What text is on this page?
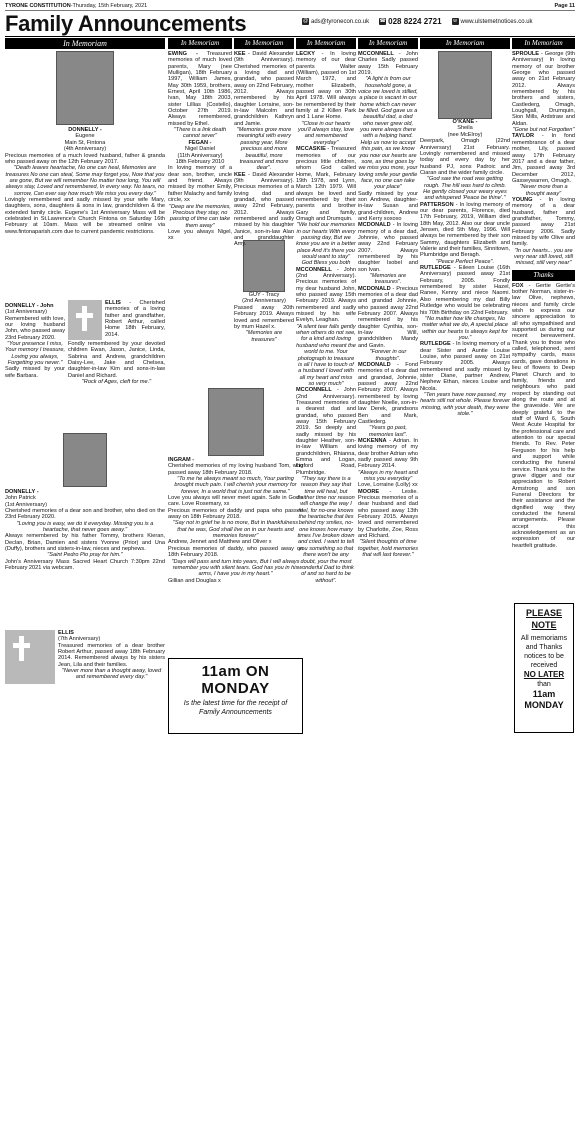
TYRONE CONSTITUTION-Thursday, 15th February, 2021	Page 11
Family Announcements	@ ads@tyronecon.co.uk ☎ 028 8224 2721	w www.ulstemetnotices.co.uk
In Memoriam
DONNELLY -
Eugene
Main St, Fintona
(4th Anniversary)
Precious memories of a much loved husband, father & granda who passed away on the 12th February 2017.
"Death leaves heartache, No one can heal, Memories are treasures No one can steal, Some may forget you, Now that you are gone, But we will remember No matter how long, You will always stay, Loved and remembered, In every way. No tears, no sorrow, Can ever say how much We miss you every day."
Lovingly remembered and sadly missed by your wife Mary, daughters, sons, daughters & sons in law, grandchildren & the extended family circle. Eugene's 1st Anniversary Mass will be celebrated in St.Lawrence's Church Fintona on Saturday 16th February at 10am. Mass will be streamed online via www.fintonaparish.com due to current pandemic restrictions.
DONNELLY - John
(1st Anniversary)
Remembered with love, our loving husband John, who passed away 23rd February 2020.
"Your presence I miss, Your memory I treasure, Loving you always, Forgetting you never."
Sadly missed by your wife Barbara.
ELLIS - Cherished memories of a loving father and grandfather, Robert Arthur, called Home 18th February, 2014.
Fondly remembered by your devoted children Ewan, Jason, Janice, Linda, Sabrina and Andrew, grandchildren Daisy-Lee, Jake and Chelsea, daughter-in-law Kim and sons-in-law Daniel and Richard.
"Rock of Ages, cleft for me."
DONNELLY -
John Patrick
(1st Anniversary)
Cherished memories of a dear son and brother, who died on the 23rd February 2020.
"Loving you is easy, we do it everyday. Missing you is a heartache, that never goes away."
Always remembered by his father Tommy, brothers Kieran, Declan, Brian, Damien and sisters Yvonne (Prior) and Una (Duffy), brothers and sisters-in-law, nieces and nephews.
"Saint Pedro Pio pray for him."
John's Anniversary Mass Sacred Heart Church 7:30pm 22nd February 2021 via webcam.
ELLIS
(7th Anniversary)
Treasured memories of a dear brother Robert Arthur, passed away 18th February 2014. Remembered always by his sisters Jean, Lila and their families.
"Never more than a thought away, loved and remembered every day."
In Memoriam
EWING - Treasured memories of much loved parents, Mary (nee Mulligan), 18th February 1997, William James, May 30th 1959, brothers, Ernest, April 10th 1986, Ivan, May 18th 2003, sister Lillias (Costello), October 27th 2019. Always remembered, missed by Ethel.
"There is a link death cannot sever"
FEGAN -
Nigel Daniel
(11th Anniversary)
18th February 2010
In loving memory of a dear son, brother, uncle and friend. Always missed by mother Emily, father Malachy and family circle, xx
"Deep are the memories, Precious they stay, no passing of time can take them away"
Love you always Nigel, xx
GUY - Tracy
(2nd Anniversary)
Passed away 20th February 2019. Always loved and remembered by mum Hazel x.
"Memories are treasures"
INGRAM -
Cherished memories of my loving husband Tom, who passed away 18th February 2018.
"To me he always meant so much, Your parting brought much pain. I will cherish your memory for forever, In a world that is just not the same."
Love you always will never meet again. Safe in God's care. Love Rosemary, xx
Precious memories of daddy and papa who passed away on 18th February 2018.
"Say not in grief he is no more, But in thankfulness that he was, God shall live on in our hearts and memories forever"
Andrew, Jennet and Matthew and Oliver x
Precious memories of daddy, who passed away on 18th February 2018.
"Days will pass and turn into years, But I will always remember you with silent tears. God has you in his arms, I have you in my heart."
Gillian and Douglas x
11am ON MONDAY
Is the latest time for the receipt of Family Announcements
In Memoriam
KEE - David Alexander (9th Anniversary). Cherished memories of a loving dad and grandad, who passed away on 22nd February, 2012. Always remembered by his daughter Lorraine, son-in-law Malcolm and grandchildren Kathryn and Jamie.
"Memories grow more meaningful with every passing year, More precious and more beautiful, more treasured and more dear".
KEE - David Alexander (9th Anniversary). Precious memories of a loving dad and grandad, who passed away 22nd February, 2012. Always remembered and sadly missed by his daughter Janice, son-in-law Alan and granddaughter Amy.
In Memoriam
LECKY - In loving memory of our dear parents Walter (William), passed on 1st March 1972, and mother Elizabeth, passed away on 30th April 1978. Will always be remembered by their family at 2 Killen Park and 1 Lane Home.
"Close in our hearts you'll always stay, love and remembered everyday"
MCCASKIE - Treasured memories of our precious little children, whom God called Home, Mark, February 19th 1978, and Lynn, March 12th 1979. Will always be loved and remembered by their parents and brother Gary and family, Omagh and Drumquin.
"We hold our memories in our hearts With every passing day, But we know you are in a better place And it's there you would want to stay"
God Bless you both
MCCONNELL - John (2nd Anniversary). Precious memories of my dear husband John, who passed away 15th February 2019. Always remembered and sadly missed by his wife Evelyn, Leaghan.
"A silent tear falls gently when others do not see, for a kind and loving husband who meant the world to me. Your photograph to treasure is all I have to touch of a husband I loved with all my heart and miss so very much"
MCCONNELL - John (2nd Anniversary). Treasured memories of a dearest dad and grandad, who passed away 15th February 2019. So deeply and sadly missed by his daughter Heather, son-in-law William and grandchildren, Rhianna, Emma and Logan, Ligford Road, Plumbridge.
"They say there is a reason they say that time will heal, but neither time nor reason will change the way I feel, for no-one knows the heartache that lies behind my smiles, no-one knows how many times I've broken down and cried. I want to tell you something so that there won't be any doubt, your the most wonderful Dad to think of and so hard to be without".
In Memoriam
MCCONNELL - John Charles Sadly passed away 15th February 2019.
"A light is from our household gone, a voice we loved is stilled, a place is vacant in our home which can never be filled. God gave us a beautiful dad, a dad who never grew old, you were always there with a helping hand. Help us now to accept this pain, as we know you now our hearts are sore, as time goes by we miss you more, your loving smile your gentle face, no one can take your place"
Sadly missed by your son Andrew, daughter-in-law Susan and grand-children, Andrew and Kerry xoxoxo
MCDONALD - In loving memory of a dear dad, Johnnie, who passed away 22nd February 2007. Always remembered by his daughter Isobel and son Ivan.
"Memories are treasures".
MCDONALD - Precious memories of a dear dad and grandad Johnnie, who passed away 22nd February 2007. Always remembered by his daughter Cynthia, son-in-law Will, grandchildren Mandy and Gavin.
"Forever in our thoughts".
MCDONALD - Fond memories of a dear dad and grandad, Johnnie, passed away 22nd February 2007. Always remembered by loving daughter Noelle, son-in-law Derek, grandsons Ben and Mark, Castlederg.
"Years go past, memories last".
MCKENNA - Adrian. In loving memory of my dear brother Adrian who sadly passed away 9th February 2014.
"Always in my heart and miss you everyday"
Love, Lorraine (Lolly) xx
MOORE - Leslie. Precious memories of a dear husband and dad who passed away 13th February 2015. Always loved and remembered by Charlotte, Zoe, Ross and Richard.
"Silent thoughts of time together, hold memories that will last forever."
In Memoriam
O'KANE -
Sheila
(nee McElroy)
Deerpark, Omagh (22nd Anniversary) 21st February. Lovingly remembered and missed today and every day by her husband PJ, sons Padroic and Ciaran and the wider family circle.
"God saw the road was getting rough. The hill was hard to climb. He gently closed your weary eyes and whispered 'Peace be thine'."
PATTERSON - In loving memory of our dear parents, Florence, died 17th February, 2019, William died 18th May, 2012. Also our dear uncle Jensen, died 5th May, 1996. Will always be remembered by their son Sammy, daughters Elizabeth and Valerie and their families, Sinnitown, Plumbridge and Beragh.
"Peace Perfect Peace".
RUTLEDGE - Eileen Louise (16th Anniversary) passed away 21st February, 2005. Fondly remembered by sister Hazel, Ranee, Kenny and niece Naomi. Also remembering my dad Billy Rutledge who would be celebrating his 70th Birthday on 22nd February.
"No matter how life changes, No matter what we do, A special place within our hearts Is always kept for you."
RUTLEDGE - In loving memory of a dear Sister and Auntie Louise Louise, who passed away on 21st February 2005. Always remembered and sadly missed by sister Diane, partner Andrew, Nephew Ethan, nieces Louise and Nicola.
"Ten years have now passed, my hearts still not whole. Please forever missing, with your death, they were stole."
In Memoriam
SPROULE - George (9th Anniversary) In loving memory of our brother George who passed away on 21st February 2012. Always remembered by his brothers and sisters, Castlederg, Omagh, Loughgall, Drumquin, Sion Mills, Ardstraw and Aldan.
"Gone but not Forgotten"
TAYLOR - In fond remembrance of a dear mother, Lily, passed away 17th February 2017 and a dear father, Jim, passed away 3rd December 2012, Gasseywarren, Omagh.
"Never more than a thought away"
YOUNG - In loving memory of a dear husband, father and grandfather, Tommy, passed away 21st February 2006. Sadly missed by wife Olive and family.
"In our hearts... you are very near still loved, still missed, still very near"
Thanks
FOX - Gertie Gertie's bother Norman, sister-in-law Olive, nephews, nieces and family circle wish to express our sincere appreciation to all who sympathised and supported us during our recent bereavement. Thank you to those who called, telephoned, sent sympathy cards, mass cards, gave donations in lieu of flowers to Deep Planet Church and to family, friends and neighbours who paid respect by standing out along the route and at the graveside. We are deeply grateful to the staff of Ward 6, South West Acute Hospital for the professional care and attention to our special friends. To Rev. Peter Ferguson for his help and support while conducting the funeral service. Thank you to the grave digger and our appreciation to Robert Armstrong and son Funeral Directors for their assistance and the dignified way they conducted the funeral arrangements. Please accept this acknowledgement as an expression of our heartfelt gratitude.
PLEASE NOTE
All memoriams and Thanks notices to be received
NO LATER
than
11am MONDAY
